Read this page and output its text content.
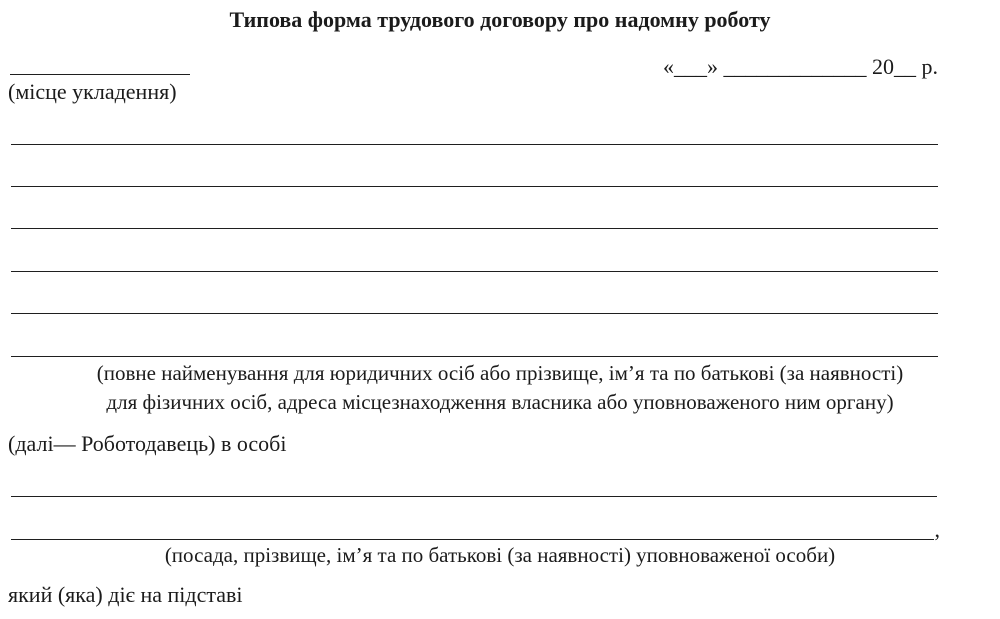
Типова форма трудового договору про надомну роботу
(місце укладення)
«___» _____________ 20__ р.
(повне найменування для юридичних осіб або прізвище, ім’я та по батькові (за наявності)
для фізичних осіб, адреса місцезнаходження власника або уповноваженого ним органу)
(далі— Роботодавець) в особі
,
(посада, прізвище, ім’я та по батькові (за наявності) уповноваженої особи)
який (яка) діє на підставі
